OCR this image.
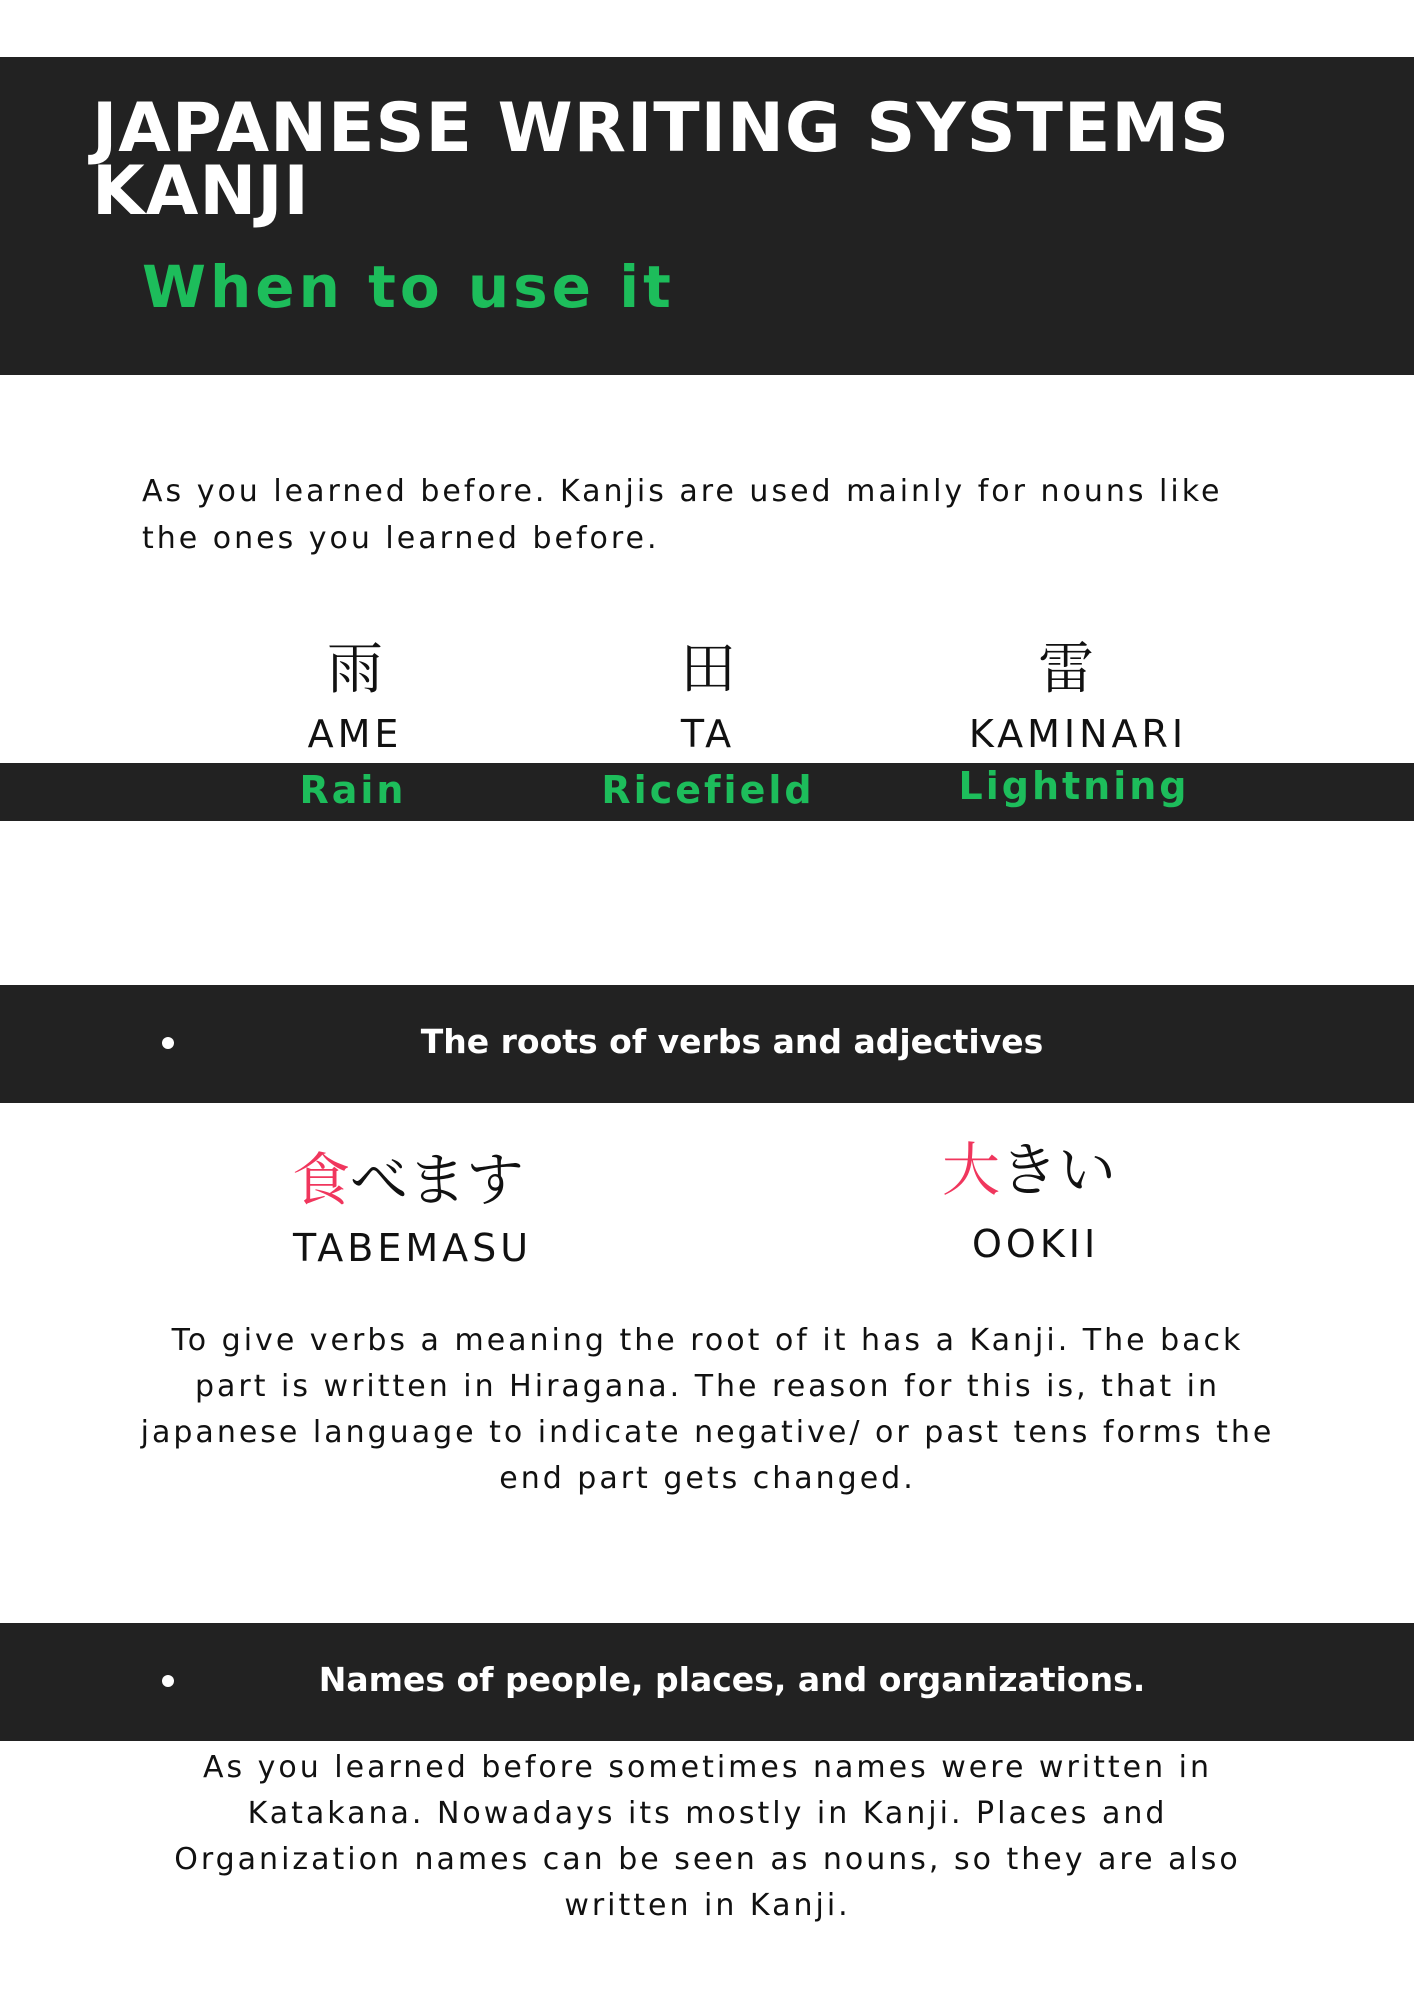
JAPANESE WRITING SYSTEMS
KANJI
When to use it
As you learned before. Kanjis are used mainly for nouns like the ones you learned before.
雨
AME
Rain
田
TA
Ricefield
雷
KAMINARI
Lightning
The roots of verbs and adjectives
食べます
TABEMASU
大きい
OOKII
To give verbs a meaning the root of it has a Kanji. The back part is written in Hiragana. The reason for this is, that in japanese language to indicate negative/ or past tens forms the end part gets changed.
Names of people, places, and organizations.
As you learned before sometimes names were written in Katakana. Nowadays its mostly in Kanji. Places and Organization names can be seen as nouns, so they are also written in Kanji.
